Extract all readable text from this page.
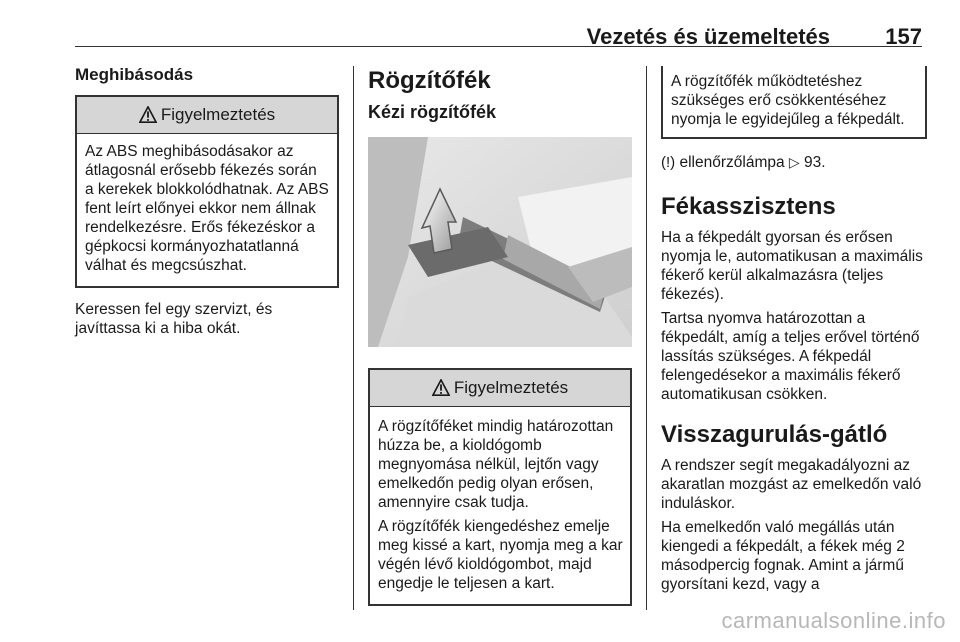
Vezetés és üzemeltetés	157
Meghibásodás
Figyelmeztetés

Az ABS meghibásodásakor az átlagosnál erősebb fékezés során a kerekek blokkolódhatnak. Az ABS fent leírt előnyei ekkor nem állnak rendelkezésre. Erős fékezéskor a gépkocsi kormányozhatatlanná válhat és megcsúszhat.

Keressen fel egy szervizt, és javíttassa ki a hiba okát.

Rögzítőfék
Kézi rögzítőfék
Figyelmeztetés

A rögzítőféket mindig határozottan húzza be, a kioldógomb megnyomása nélkül, lejtőn vagy emelkedőn pedig olyan erősen, amennyire csak tudja.

A rögzítőfék kiengedéshez emelje meg kissé a kart, nyomja meg a kar végén lévő kioldógombot, majd engedje le teljesen a kart.

A rögzítőfék működtetéshez szükséges erő csökkentéséhez nyomja le egyidejűleg a fékpedált.

(!) ellenőrzőlámpa ▷ 93.

Fékasszisztens

Ha a fékpedált gyorsan és erősen nyomja le, automatikusan a maximális fékerő kerül alkalmazásra (teljes fékezés).

Tartsa nyomva határozottan a fékpedált, amíg a teljes erővel történő lassítás szükséges. A fékpedál felengedésekor a maximális fékerő automatikusan csökken.

Visszagurulás-gátló

A rendszer segít megakadályozni az akaratlan mozgást az emelkedőn való induláskor.

Ha emelkedőn való megállás után kiengedi a fékpedált, a fékek még 2 másodpercig fognak. Amint a jármű gyorsítani kezd, vagy a

carmanualsonline.info
